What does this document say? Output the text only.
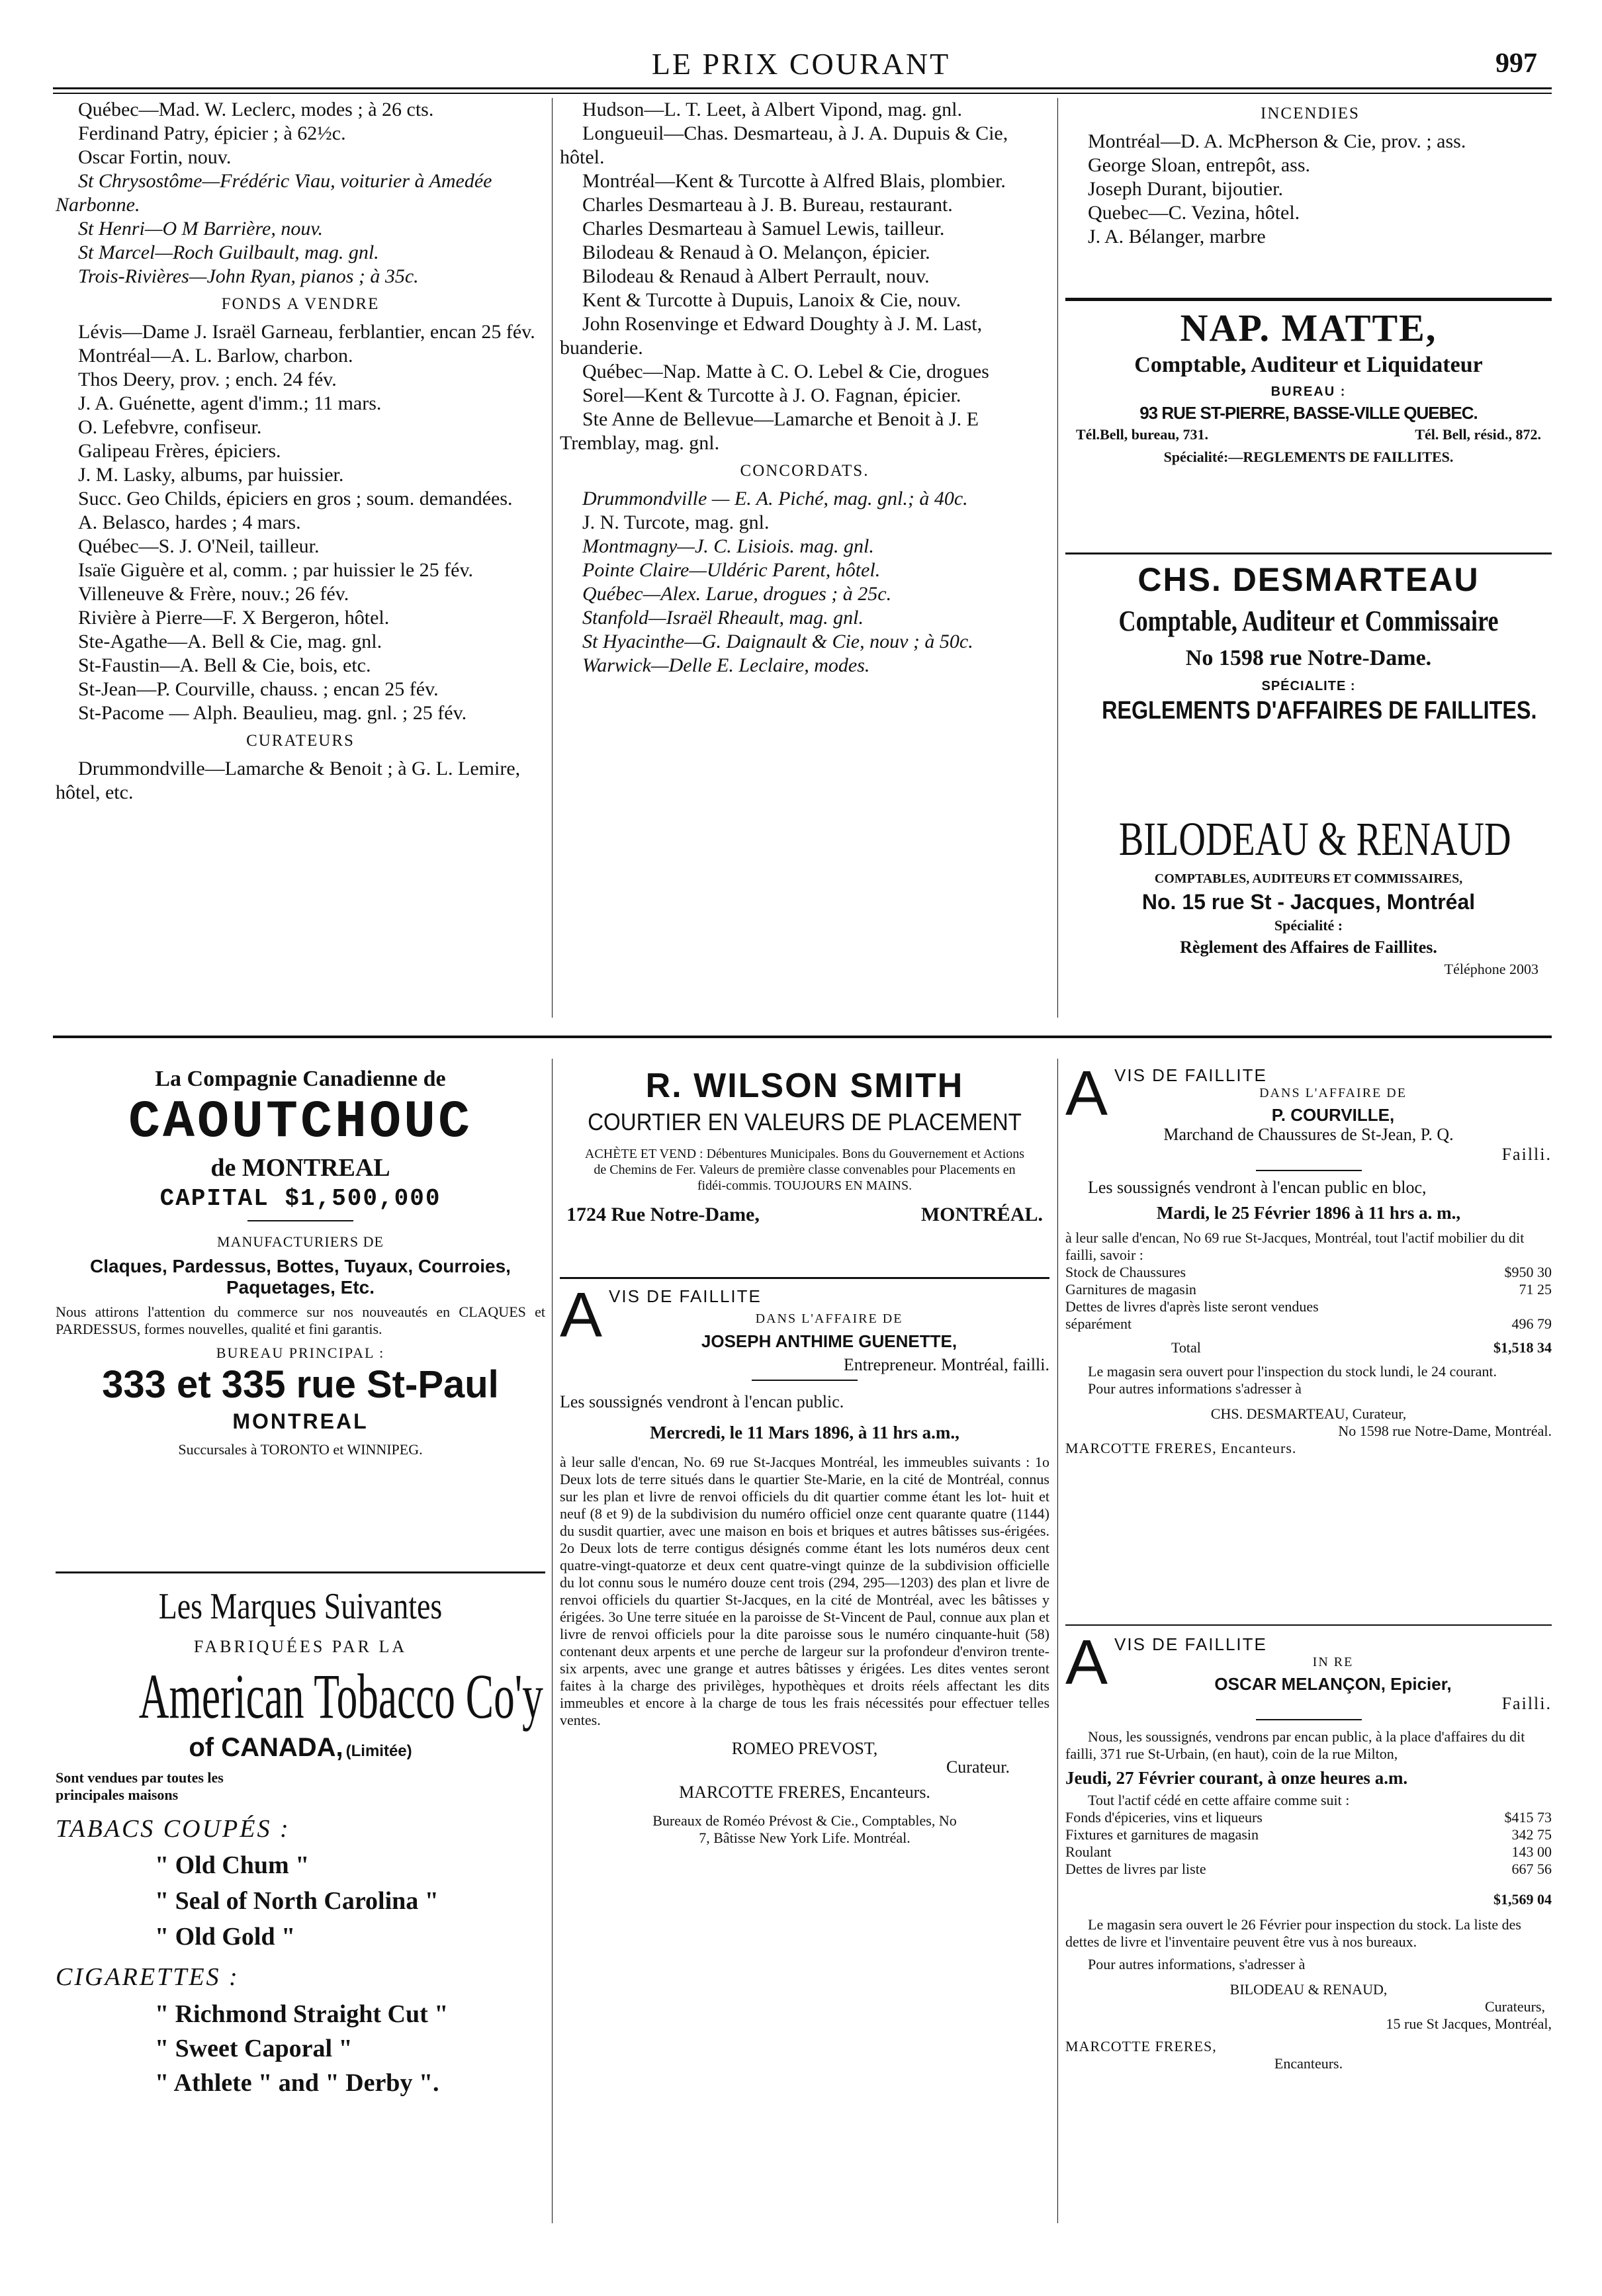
LE PRIX COURANT	997

Québec—Mad. W. Leclerc, modes ; à 26 cts.

Ferdinand Patry, épicier ; à 62½c.

Oscar Fortin, nouv.

St Chrysostôme—Frédéric Viau, voiturier à Amedée Narbonne.

St Henri—O M Barrière, nouv.

St Marcel—Roch Guilbault, mag. gnl.

Trois-Rivières—John Ryan, pianos ; à 35c.

FONDS A VENDRE

Lévis—Dame J. Israël Garneau, ferblantier, encan 25 fév.

Montréal—A. L. Barlow, charbon.

Thos Deery, prov. ; ench. 24 fév.

J. A. Guénette, agent d'imm.; 11 mars.

O. Lefebvre, confiseur.

Galipeau Frères, épiciers.

J. M. Lasky, albums, par huissier.

Succ. Geo Childs, épiciers en gros ; soum. demandées.

A. Belasco, hardes ; 4 mars.

Québec—S. J. O'Neil, tailleur.

Isaïe Giguère et al, comm. ; par huissier le 25 fév.

Villeneuve & Frère, nouv.; 26 fév.

Rivière à Pierre—F. X Bergeron, hôtel.

Ste-Agathe—A. Bell & Cie, mag. gnl.

St-Faustin—A. Bell & Cie, bois, etc.

St-Jean—P. Courville, chauss. ; encan 25 fév.

St-Pacome — Alph. Beaulieu, mag. gnl. ; 25 fév.

CURATEURS

Drummondville—Lamarche & Benoit ; à G. L. Lemire, hôtel, etc.

Hudson—L. T. Leet, à Albert Vipond, mag. gnl.

Longueuil—Chas. Desmarteau, à J. A. Dupuis & Cie, hôtel.

Montréal—Kent & Turcotte à Alfred Blais, plombier.

Charles Desmarteau à J. B. Bureau, restaurant.

Charles Desmarteau à Samuel Lewis, tailleur.

Bilodeau & Renaud à O. Melançon, épicier.

Bilodeau & Renaud à Albert Perrault, nouv.

Kent & Turcotte à Dupuis, Lanoix & Cie, nouv.

John Rosenvinge et Edward Doughty à J. M. Last, buanderie.

Québec—Nap. Matte à C. O. Lebel & Cie, drogues

Sorel—Kent & Turcotte à J. O. Fagnan, épicier.

Ste Anne de Bellevue—Lamarche et Benoit à J. E Tremblay, mag. gnl.

CONCORDATS.

Drummondville — E. A. Piché, mag. gnl.; à 40c.

J. N. Turcote, mag. gnl.

Montmagny—J. C. Lisiois. mag. gnl.

Pointe Claire—Uldéric Parent, hôtel.

Québec—Alex. Larue, drogues ; à 25c.

Stanfold—Israël Rheault, mag. gnl.

St Hyacinthe—G. Daignault & Cie, nouv ; à 50c.

Warwick—Delle E. Leclaire, modes.

INCENDIES

Montréal—D. A. McPherson & Cie, prov. ; ass.

George Sloan, entrepôt, ass.

Joseph Durant, bijoutier.

Quebec—C. Vezina, hôtel.

J. A. Bélanger, marbre

NAP. MATTE,

Comptable, Auditeur et Liquidateur

BUREAU :

93 RUE ST-PIERRE, BASSE-VILLE QUEBEC.

Tél.Bell, bureau, 731.	Tél. Bell, résid., 872.

Spécialité:—REGLEMENTS DE FAILLITES.

CHS. DESMARTEAU

Comptable, Auditeur et Commissaire

No 1598 rue Notre-Dame.

SPÉCIALITE :

REGLEMENTS D'AFFAIRES DE FAILLITES.

BILODEAU & RENAUD

COMPTABLES, AUDITEURS ET COMMISSAIRES,

No. 15 rue St - Jacques, Montréal

Spécialité :

Règlement des Affaires de Faillites.

Téléphone 2003

La Compagnie Canadienne de

CAOUTCHOUC

de MONTREAL

CAPITAL $1,500,000

MANUFACTURIERS DE

Claques, Pardessus, Bottes, Tuyaux, Courroies, Paquetages, Etc.

Nous attirons l'attention du commerce sur nos nouveautés en CLAQUES et PARDESSUS, formes nouvelles, qualité et fini garantis.

BUREAU PRINCIPAL :

333 et 335 rue St-Paul

MONTREAL

Succursales à TORONTO et WINNIPEG.

Les Marques Suivantes

FABRIQUÉES PAR LA

American Tobacco Co'y

of CANADA, (Limitée)

Sont vendues par toutes les principales maisons

TABACS COUPÉS :

" Old Chum "

" Seal of North Carolina "

" Old Gold "

CIGARETTES :

" Richmond Straight Cut "

" Sweet Caporal "

" Athlete " and " Derby ".

R. WILSON SMITH

COURTIER EN VALEURS DE PLACEMENT

ACHÈTE ET VEND : Débentures Municipales. Bons du Gouvernement et Actions de Chemins de Fer. Valeurs de première classe convenables pour Placements en fidéi-commis. TOUJOURS EN MAINS.

1724 Rue Notre-Dame,	MONTRÉAL.
A VIS DE FAILLITE

DANS L'AFFAIRE DE

JOSEPH ANTHIME GUENETTE,

Entrepreneur. Montréal, failli.

Les soussignés vendront à l'encan public.

Mercredi, le 11 Mars 1896, à 11 hrs a.m.,

à leur salle d'encan, No. 69 rue St-Jacques Montréal, les immeubles suivants : 1o Deux lots de terre situés dans le quartier Ste-Marie, en la cité de Montréal, connus sur les plan et livre de renvoi officiels du dit quartier comme étant les lot- huit et neuf (8 et 9) de la subdivision du numéro officiel onze cent quarante quatre (1144) du susdit quartier, avec une maison en bois et briques et autres bâtisses sus-érigées. 2o Deux lots de terre contigus désignés comme étant les lots numéros deux cent quatre-vingt-quatorze et deux cent quatre-vingt quinze de la subdivision officielle du lot connu sous le numéro douze cent trois (294, 295—1203) des plan et livre de renvoi officiels du quartier St-Jacques, en la cité de Montréal, avec les bâtisses y érigées. 3o Une terre située en la paroisse de St-Vincent de Paul, connue aux plan et livre de renvoi officiels pour la dite paroisse sous le numéro cinquante-huit (58) contenant deux arpents et une perche de largeur sur la profondeur d'environ trente-six arpents, avec une grange et autres bâtisses y érigées. Les dites ventes seront faites à la charge des privilèges, hypothèques et droits réels affectant les dits immeubles et encore à la charge de tous les frais nécessités pour effectuer telles ventes.

ROMEO PREVOST,

Curateur.

MARCOTTE FRERES, Encanteurs.

Bureaux de Roméo Prévost & Cie., Comptables, No 7, Bâtisse New York Life. Montréal.

A VIS DE FAILLITE

DANS L'AFFAIRE DE

P. COURVILLE,

Marchand de Chaussures de St-Jean, P. Q.

Failli.

Les soussignés vendront à l'encan public en bloc,

Mardi, le 25 Février 1896 à 11 hrs a. m.,

à leur salle d'encan, No 69 rue St-Jacques, Montréal, tout l'actif mobilier du dit failli, savoir :

Stock de Chaussures	$950 30
Garnitures de magasin	71 25
Dettes de livres d'après liste seront vendues séparément	496 79
Total	$1,518 34

Le magasin sera ouvert pour l'inspection du stock lundi, le 24 courant.

Pour autres informations s'adresser à

CHS. DESMARTEAU, Curateur,

No 1598 rue Notre-Dame, Montréal.

MARCOTTE FRERES, Encanteurs.

A VIS DE FAILLITE

IN RE

OSCAR MELANÇON, Epicier,

Failli.

Nous, les soussignés, vendrons par encan public, à la place d'affaires du dit failli, 371 rue St-Urbain, (en haut), coin de la rue Milton,

Jeudi, 27 Février courant, à onze heures a.m.

Tout l'actif cédé en cette affaire comme suit :

Fonds d'épiceries, vins et liqueurs	$415 73
Fixtures et garnitures de magasin	342 75
Roulant	143 00
Dettes de livres par liste	667 56
$1,569 04

Le magasin sera ouvert le 26 Février pour inspection du stock. La liste des dettes de livre et l'inventaire peuvent être vus à nos bureaux.

Pour autres informations, s'adresser à

BILODEAU & RENAUD,

Curateurs,

15 rue St Jacques, Montréal,

MARCOTTE FRERES,

Encanteurs.
